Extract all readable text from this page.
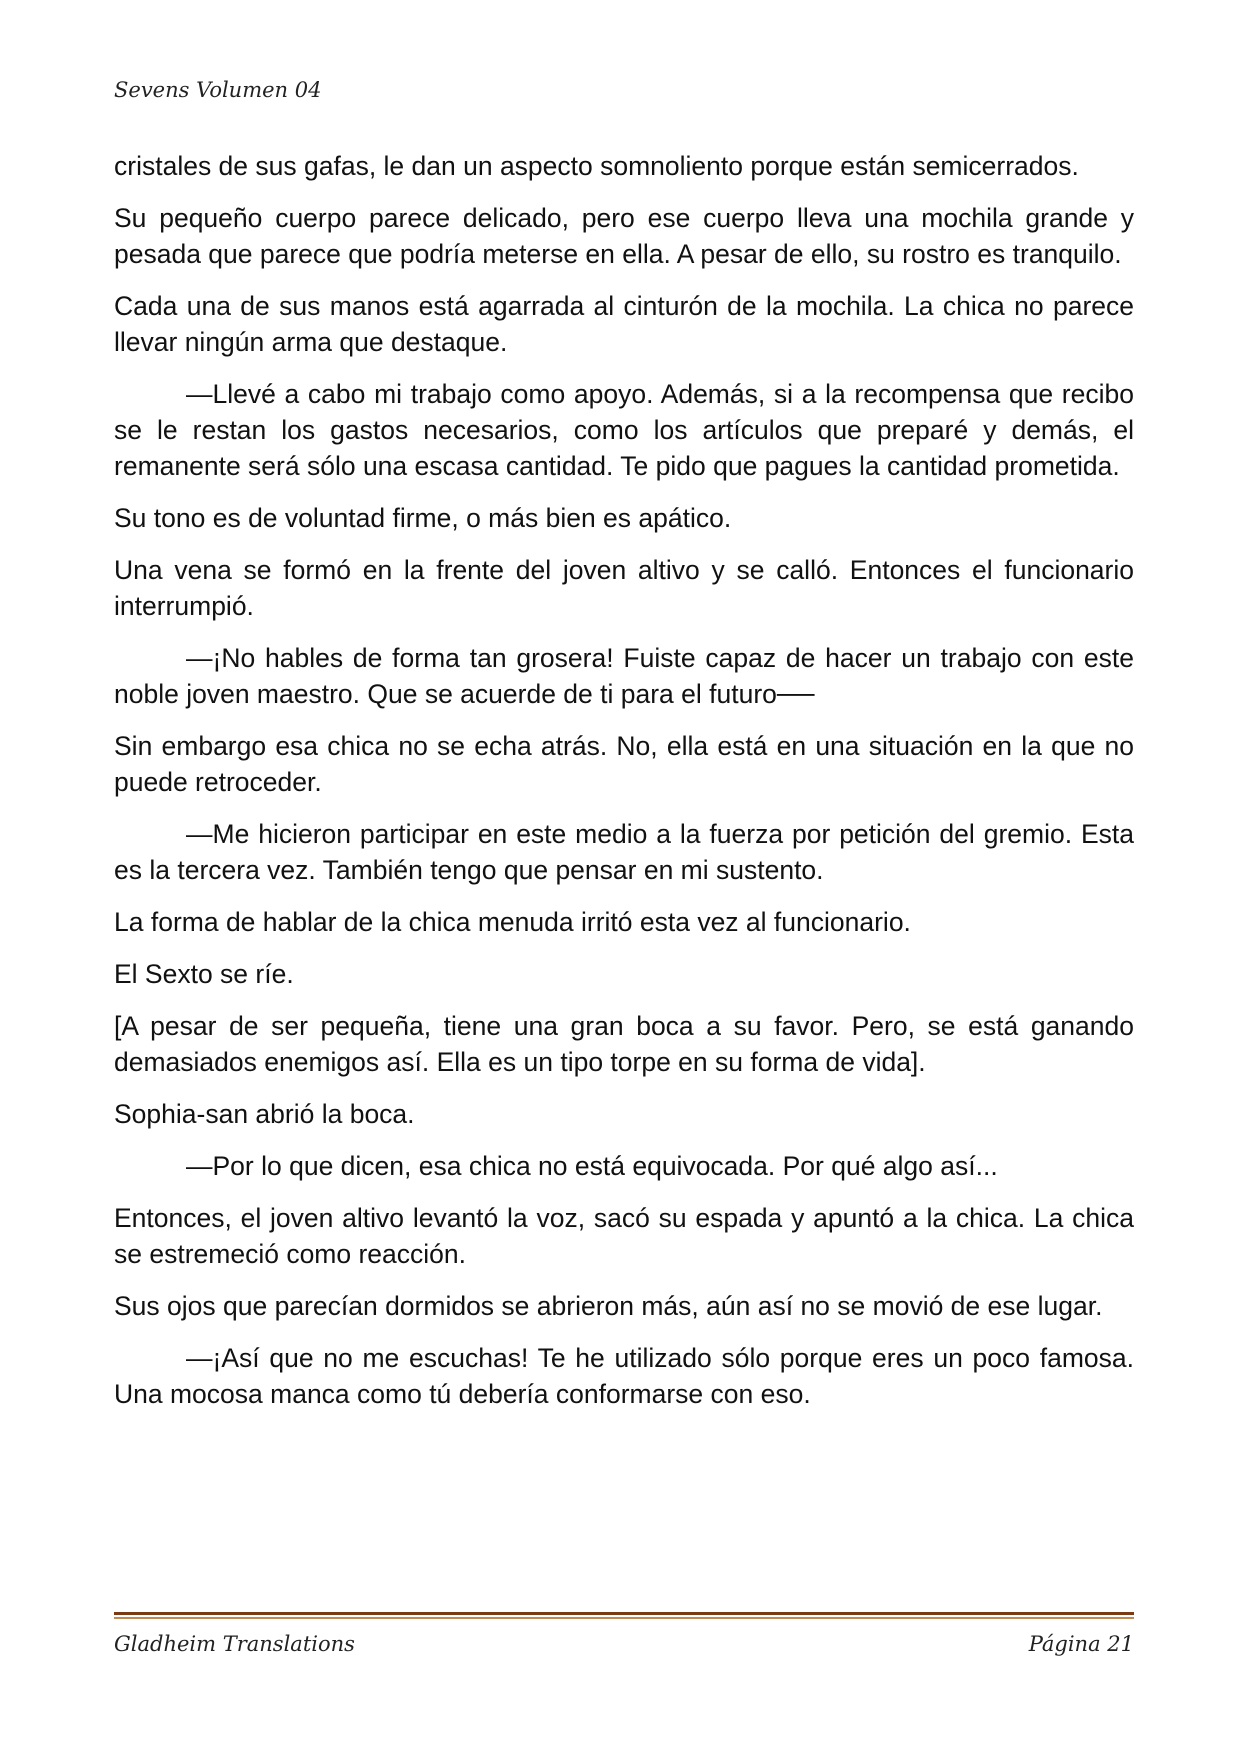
Sevens Volumen 04

cristales de sus gafas, le dan un aspecto somnoliento porque están semicerrados.

Su pequeño cuerpo parece delicado, pero ese cuerpo lleva una mochila grande y pesada que parece que podría meterse en ella. A pesar de ello, su rostro es tranquilo.

Cada una de sus manos está agarrada al cinturón de la mochila. La chica no parece llevar ningún arma que destaque.

—Llevé a cabo mi trabajo como apoyo. Además, si a la recompensa que recibo se le restan los gastos necesarios, como los artículos que preparé y demás, el remanente será sólo una escasa cantidad. Te pido que pagues la cantidad prometida.

Su tono es de voluntad firme, o más bien es apático.

Una vena se formó en la frente del joven altivo y se calló. Entonces el funcionario interrumpió.

—¡No hables de forma tan grosera! Fuiste capaz de hacer un trabajo con este noble joven maestro. Que se acuerde de ti para el futuro──

Sin embargo esa chica no se echa atrás. No, ella está en una situación en la que no puede retroceder.

—Me hicieron participar en este medio a la fuerza por petición del gremio. Esta es la tercera vez. También tengo que pensar en mi sustento.

La forma de hablar de la chica menuda irritó esta vez al funcionario.

El Sexto se ríe.

[A pesar de ser pequeña, tiene una gran boca a su favor. Pero, se está ganando demasiados enemigos así. Ella es un tipo torpe en su forma de vida].

Sophia-san abrió la boca.

—Por lo que dicen, esa chica no está equivocada. Por qué algo así...

Entonces, el joven altivo levantó la voz, sacó su espada y apuntó a la chica. La chica se estremeció como reacción.

Sus ojos que parecían dormidos se abrieron más, aún así no se movió de ese lugar.

—¡Así que no me escuchas! Te he utilizado sólo porque eres un poco famosa. Una mocosa manca como tú debería conformarse con eso.

Gladheim Translations	Página 21
